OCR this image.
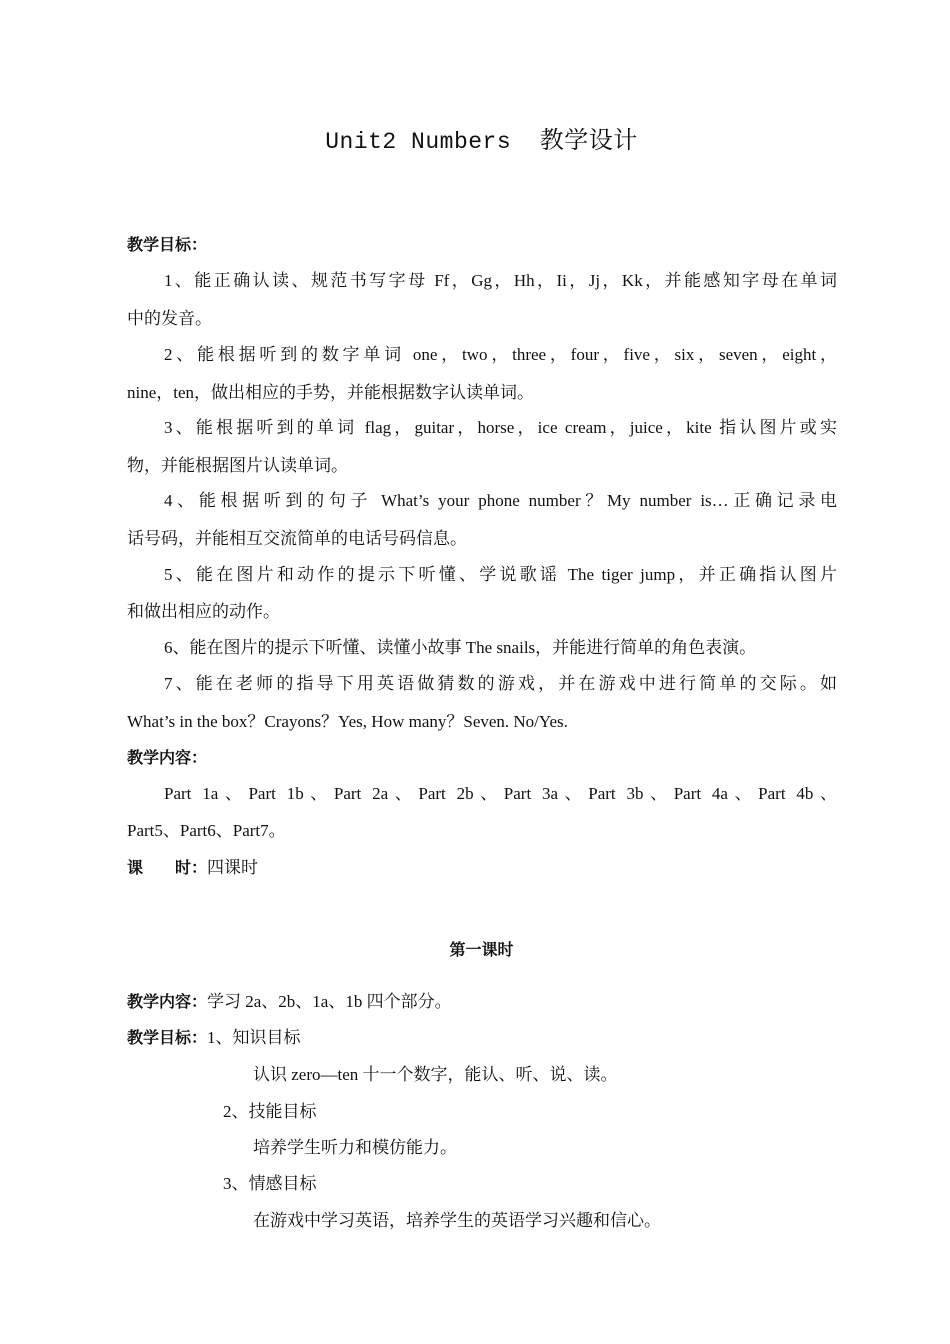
Unit2 Numbers 教学设计
教学目标：
1、能正确认读、规范书写字母 Ff，Gg，Hh，Ii，Jj，Kk，并能感知字母在单词
中的发音。
2、能根据听到的数字单词 one，two，three，four，five，six，seven，eight，
nine，ten，做出相应的手势，并能根据数字认读单词。
3、能根据听到的单词 flag，guitar，horse，ice cream，juice，kite 指认图片或实
物，并能根据图片认读单词。
4、能根据听到的句子 What’s your phone number？My number is…正确记录电
话号码，并能相互交流简单的电话号码信息。
5、能在图片和动作的提示下听懂、学说歌谣 The tiger jump，并正确指认图片
和做出相应的动作。
6、能在图片的提示下听懂、读懂小故事 The snails，并能进行简单的角色表演。
7、能在老师的指导下用英语做猜数的游戏，并在游戏中进行简单的交际。如
What’s in the box？Crayons？Yes, How many？Seven. No/Yes.
教学内容：
Part 1a、Part 1b、Part 2a、Part 2b、Part 3a、Part 3b、Part 4a、Part 4b、
Part5、Part6、Part7。
课　　时：四课时
第一课时
教学内容：学习 2a、2b、1a、1b 四个部分。
教学目标：1、知识目标
认识 zero—ten 十一个数字，能认、听、说、读。
2、技能目标
培养学生听力和模仿能力。
3、情感目标
在游戏中学习英语，培养学生的英语学习兴趣和信心。
